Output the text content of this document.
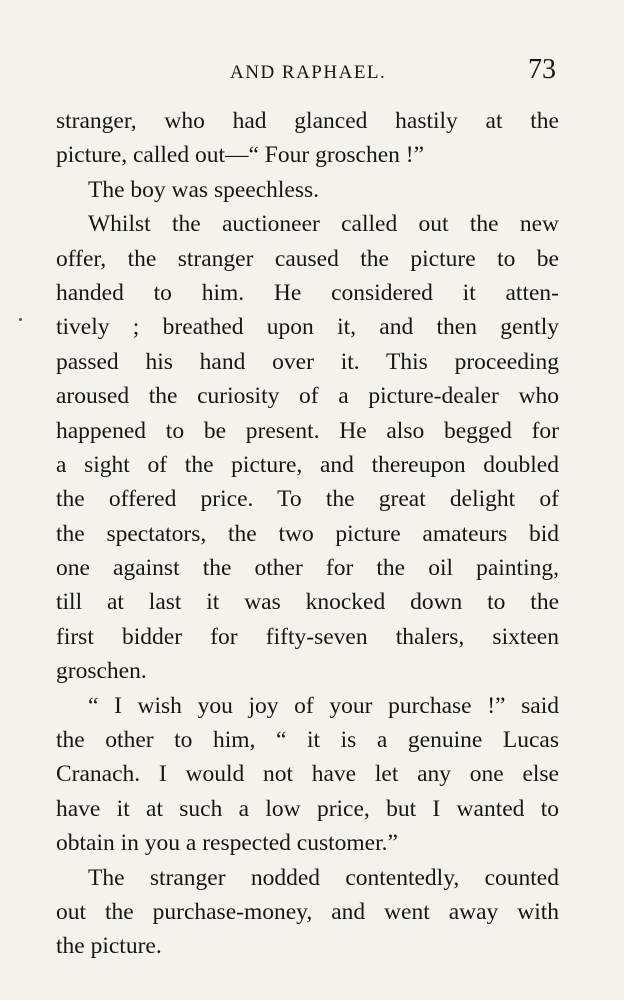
AND RAPHAEL.	73
stranger, who had glanced hastily at the
picture, called out—“ Four groschen !”
The boy was speechless.
Whilst the auctioneer called out the new
offer, the stranger caused the picture to be
handed to him. He considered it atten-
tively ; breathed upon it, and then gently
passed his hand over it. This proceeding
aroused the curiosity of a picture-dealer who
happened to be present. He also begged for
a sight of the picture, and thereupon doubled
the offered price. To the great delight of
the spectators, the two picture amateurs bid
one against the other for the oil painting,
till at last it was knocked down to the
first bidder for fifty-seven thalers, sixteen
groschen.
“ I wish you joy of your purchase !” said
the other to him, “ it is a genuine Lucas
Cranach. I would not have let any one else
have it at such a low price, but I wanted to
obtain in you a respected customer.”
The stranger nodded contentedly, counted
out the purchase-money, and went away with
the picture.
